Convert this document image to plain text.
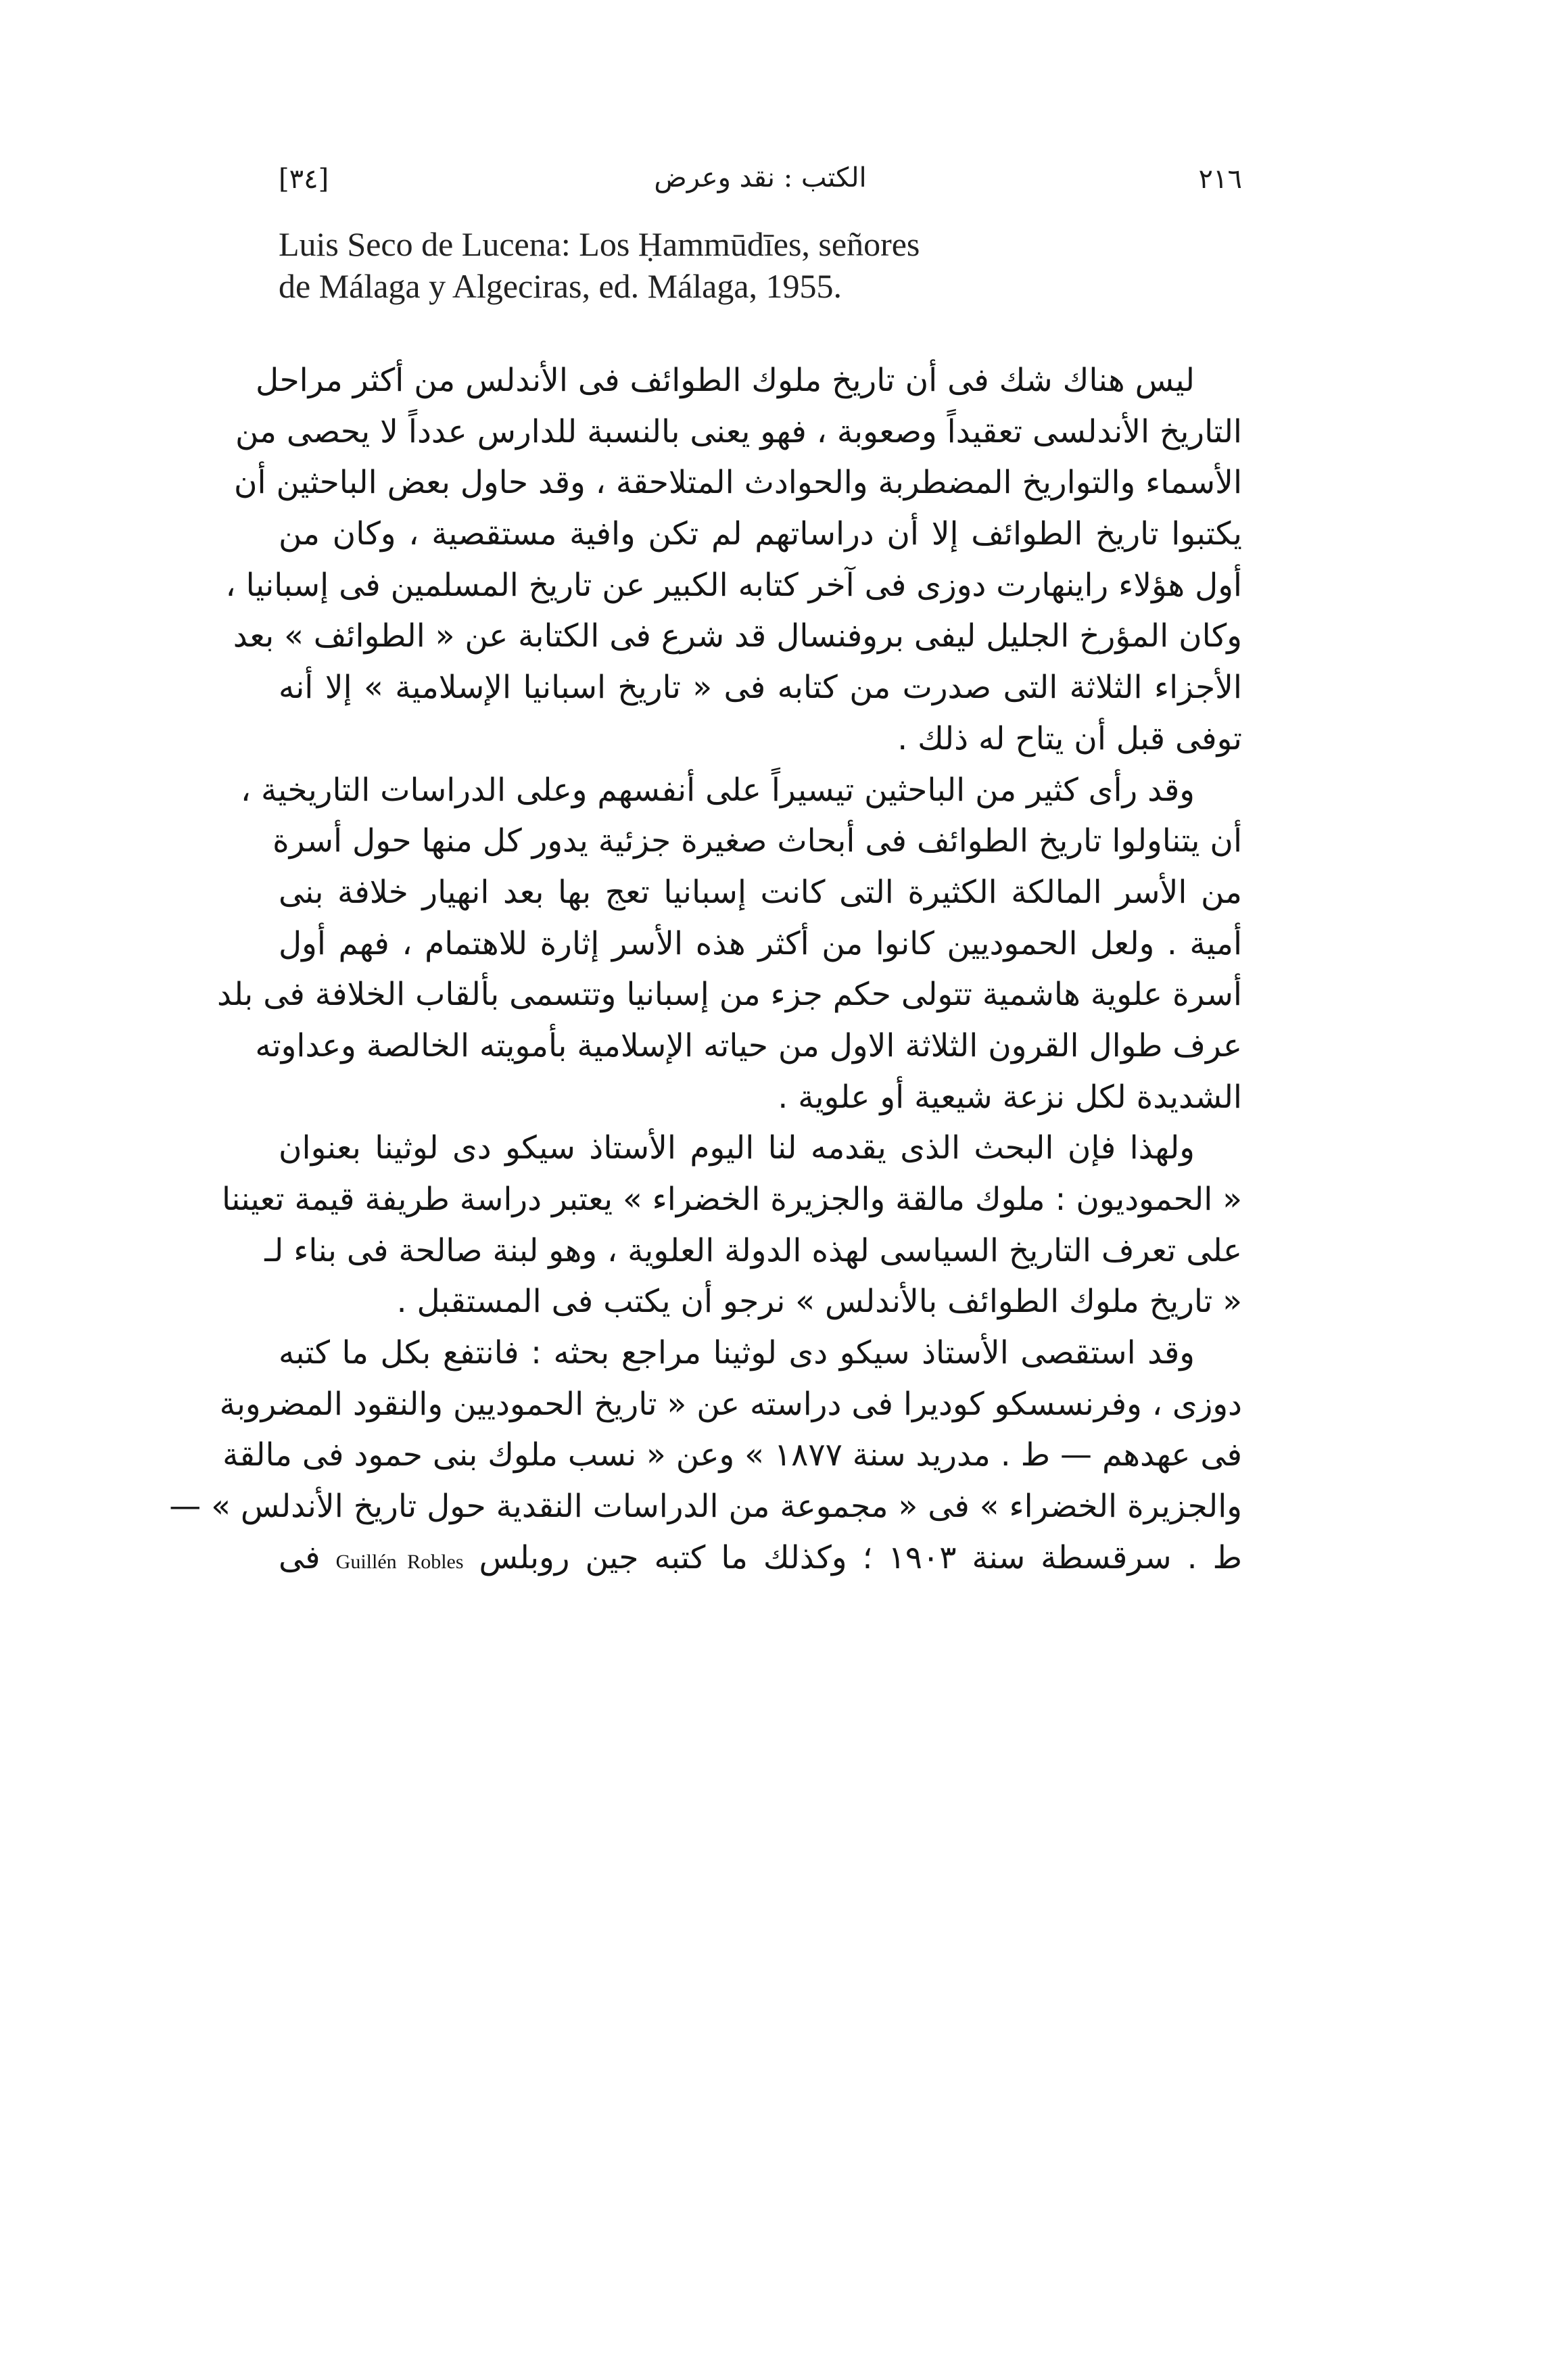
[٣٤]	الكتب : نقد وعرض	٢١٦
Luis Seco de Lucena: Los Ḥammūdīes, señores
de Málaga y Algeciras, ed. Málaga, 1955.
ليس هناك شك فى أن تاريخ ملوك الطوائف فى الأندلس من أكثر مراحل
التاريخ الأندلسى تعقيداً وصعوبة ، فهو يعنى بالنسبة للدارس عدداً لا يحصى من
الأسماء والتواريخ المضطربة والحوادث المتلاحقة ، وقد حاول بعض الباحثين أن
يكتبوا تاريخ الطوائف إلا أن دراساتهم لم تكن وافية مستقصية ، وكان من
أول هؤلاء راينهارت دوزى فى آخر كتابه الكبير عن تاريخ المسلمين فى إسبانيا ،
وكان المؤرخ الجليل ليفى بروفنسال قد شرع فى الكتابة عن « الطوائف » بعد
الأجزاء الثلاثة التى صدرت من كتابه فى « تاريخ اسبانيا الإسلامية » إلا أنه
توفى قبل أن يتاح له ذلك .
وقد رأى كثير من الباحثين تيسيراً على أنفسهم وعلى الدراسات التاريخية ،
أن يتناولوا تاريخ الطوائف فى أبحاث صغيرة جزئية يدور كل منها حول أسرة
من الأسر المالكة الكثيرة التى كانت إسبانيا تعج بها بعد انهيار خلافة بنى
أمية . ولعل الحموديين كانوا من أكثر هذه الأسر إثارة للاهتمام ، فهم أول
أسرة علوية هاشمية تتولى حكم جزء من إسبانيا وتتسمى بألقاب الخلافة فى بلد
عرف طوال القرون الثلاثة الاول من حياته الإسلامية بأمويته الخالصة وعداوته
الشديدة لكل نزعة شيعية أو علوية .
ولهذا فإن البحث الذى يقدمه لنا اليوم الأستاذ سيكو دى لوثينا بعنوان
« الحموديون : ملوك مالقة والجزيرة الخضراء » يعتبر دراسة طريفة قيمة تعيننا
على تعرف التاريخ السياسى لهذه الدولة العلوية ، وهو لبنة صالحة فى بناء لـ
« تاريخ ملوك الطوائف بالأندلس » نرجو أن يكتب فى المستقبل .
وقد استقصى الأستاذ سيكو دى لوثينا مراجع بحثه : فانتفع بكل ما كتبه
دوزى ، وفرنسسكو كوديرا فى دراسته عن « تاريخ الحموديين والنقود المضروبة
فى عهدهم — ط . مدريد سنة ١٨٧٧ » وعن « نسب ملوك بنى حمود فى مالقة
والجزيرة الخضراء » فى « مجموعة من الدراسات النقدية حول تاريخ الأندلس » —
ط . سرقسطة سنة ١٩٠٣ ؛ وكذلك ما كتبه جين روبلس Guillén Robles فى
